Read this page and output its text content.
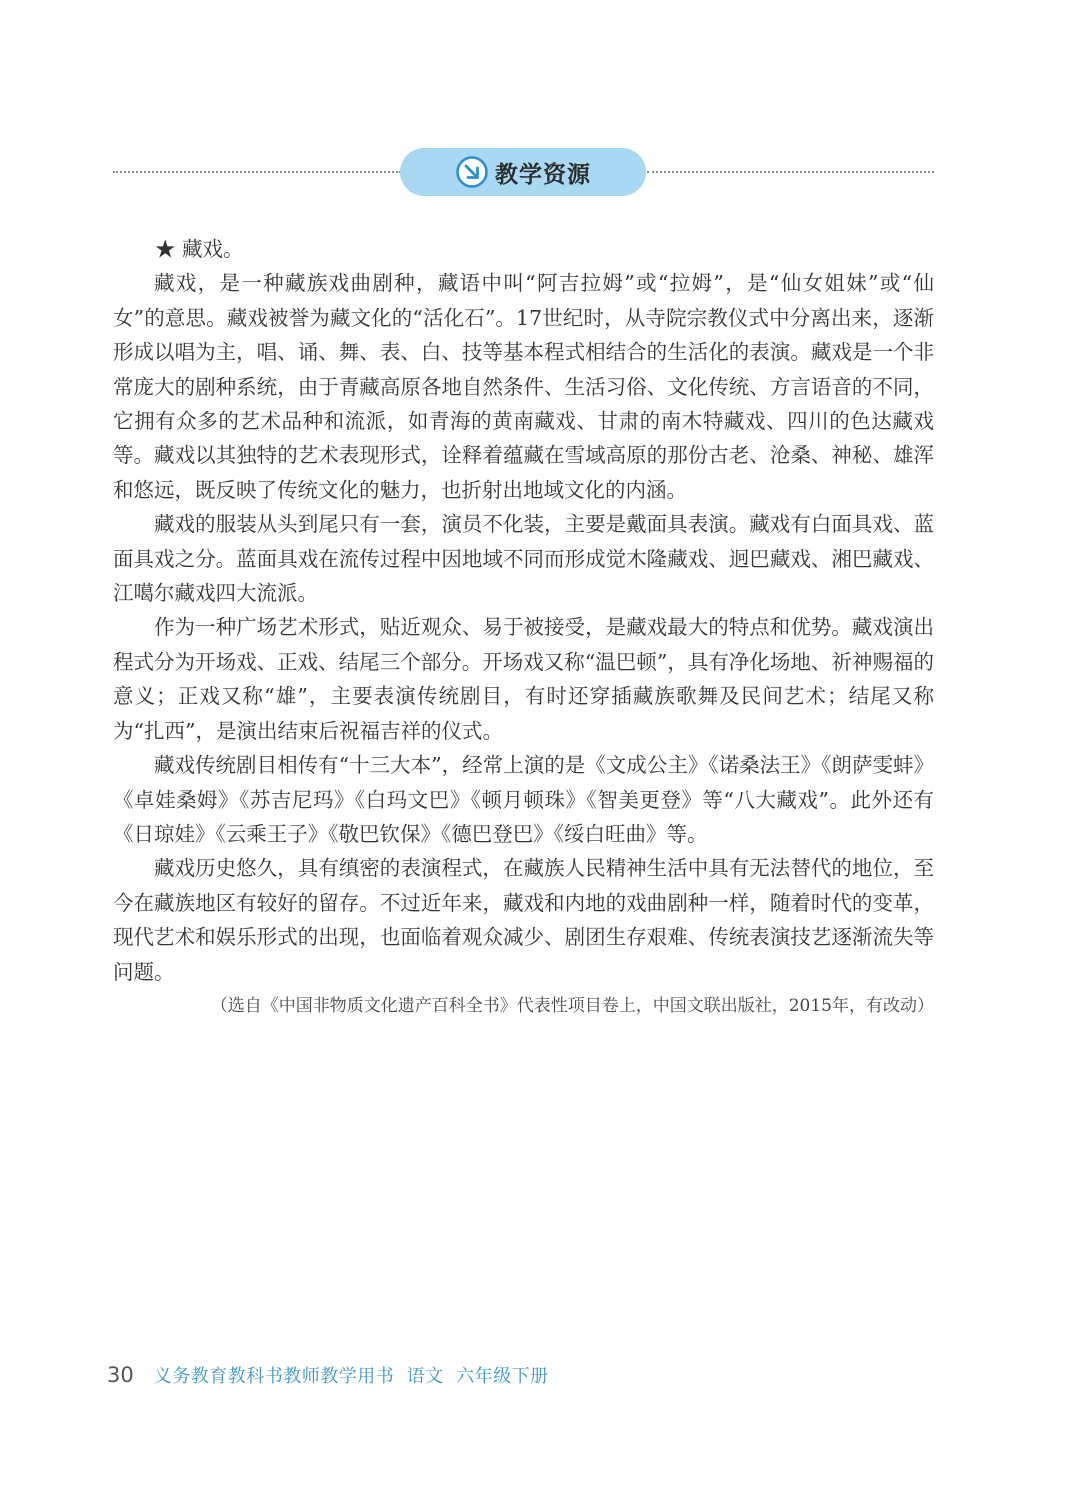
教学资源
★ 藏戏。

藏戏，是一种藏族戏曲剧种，藏语中叫“阿吉拉姆”或“拉姆”，是“仙女姐妹”或“仙女”的意思。藏戏被誉为藏文化的“活化石”。17世纪时，从寺院宗教仪式中分离出来，逐渐形成以唱为主，唱、诵、舞、表、白、技等基本程式相结合的生活化的表演。藏戏是一个非常庞大的剧种系统，由于青藏高原各地自然条件、生活习俗、文化传统、方言语音的不同，它拥有众多的艺术品种和流派，如青海的黄南藏戏、甘肃的南木特藏戏、四川的色达藏戏等。藏戏以其独特的艺术表现形式，诠释着蕴藏在雪域高原的那份古老、沧桑、神秘、雄浑和悠远，既反映了传统文化的魅力，也折射出地域文化的内涵。

藏戏的服装从头到尾只有一套，演员不化装，主要是戴面具表演。藏戏有白面具戏、蓝面具戏之分。蓝面具戏在流传过程中因地域不同而形成觉木隆藏戏、迥巴藏戏、湘巴藏戏、江噶尔藏戏四大流派。

作为一种广场艺术形式，贴近观众、易于被接受，是藏戏最大的特点和优势。藏戏演出程式分为开场戏、正戏、结尾三个部分。开场戏又称“温巴顿”，具有净化场地、祈神赐福的意义；正戏又称“雄”，主要表演传统剧目，有时还穿插藏族歌舞及民间艺术；结尾又称为“扎西”，是演出结束后祝福吉祥的仪式。

藏戏传统剧目相传有“十三大本”，经常上演的是《文成公主》《诺桑法王》《朗萨雯蚌》《卓娃桑姆》《苏吉尼玛》《白玛文巴》《顿月顿珠》《智美更登》等“八大藏戏”。此外还有《日琼娃》《云乘王子》《敬巴钦保》《德巴登巴》《绥白旺曲》等。

藏戏历史悠久，具有缜密的表演程式，在藏族人民精神生活中具有无法替代的地位，至今在藏族地区有较好的留存。不过近年来，藏戏和内地的戏曲剧种一样，随着时代的变革，现代艺术和娱乐形式的出现，也面临着观众减少、剧团生存艰难、传统表演技艺逐渐流失等问题。

（选自《中国非物质文化遗产百科全书》代表性项目卷上，中国文联出版社，2015年，有改动）
30 义务教育教科书教师教学用书  语文  六年级下册
